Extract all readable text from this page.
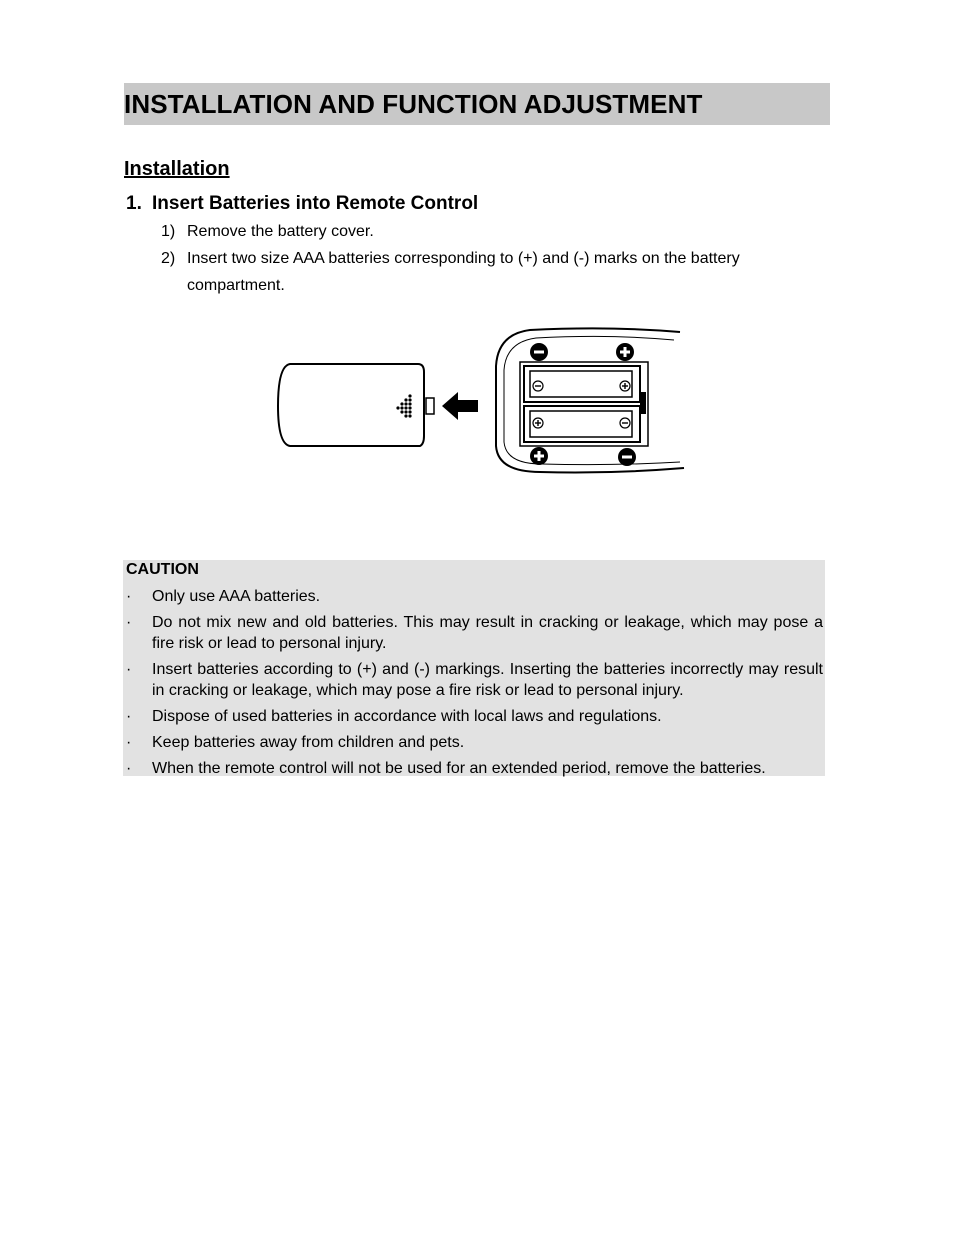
INSTALLATION AND FUNCTION ADJUSTMENT
Installation
1. Insert Batteries into Remote Control
1) Remove the battery cover.
2) Insert two size AAA batteries corresponding to (+) and (-) marks on the battery compartment.
CAUTION
·	Only use AAA batteries.
·	Do not mix new and old batteries. This may result in cracking or leakage, which may pose a fire risk or lead to personal injury.
·	Insert batteries according to (+) and (-) markings. Inserting the batteries incorrectly may result in cracking or leakage, which may pose a fire risk or lead to personal injury.
·	Dispose of used batteries in accordance with local laws and regulations.
·	Keep batteries away from children and pets.
·	When the remote control will not be used for an extended period, remove the batteries.
